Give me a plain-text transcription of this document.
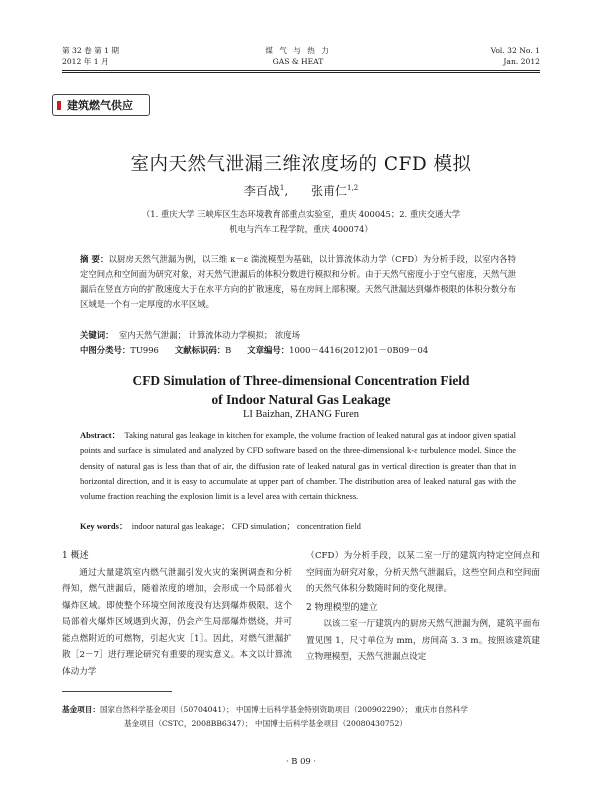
第 32 卷 第 1 期
2012 年 1 月
煤 气 与 热 力
GAS & HEAT
Vol. 32 No. 1
Jan. 2012
建筑燃气供应
室内天然气泄漏三维浓度场的 CFD 模拟
李百战$^1$,      张甫仁$^{1,2}$
（1. 重庆大学 三峡库区生态环境教育部重点实验室，重庆 400045；2. 重庆交通大学
机电与汽车工程学院，重庆 400074）
摘 要：以厨房天然气泄漏为例，以三维 κ－ε 湍流模型为基础，以计算流体动力学（CFD）为分析手段，以室内各特定空间点和空间面为研究对象，对天然气泄漏后的体积分数进行模拟和分析。由于天然气密度小于空气密度，天然气泄漏后在竖直方向的扩散速度大于在水平方向的扩散速度，易在房间上部积聚。天然气泄漏达到爆炸极限的体积分数分布区域是一个有一定厚度的水平区域。
关键词： 室内天然气泄漏； 计算流体动力学模拟； 浓度场
中图分类号：TU996 文献标识码：B 文章编号：1000－4416(2012)01－0B09－04
CFD Simulation of Three-dimensional Concentration Field
of Indoor Natural Gas Leakage
LI Baizhan, ZHANG Furen
Abstract： Taking natural gas leakage in kitchen for example, the volume fraction of leaked natural gas at indoor given spatial points and surface is simulated and analyzed by CFD software based on the three-dimensional k-ε turbulence model. Since the density of natural gas is less than that of air, the diffusion rate of leaked natural gas in vertical direction is greater than that in horizontal direction, and it is easy to accumulate at upper part of chamber. The distribution area of leaked natural gas with the volume fraction reaching the explosion limit is a level area with certain thickness.
Key words： indoor natural gas leakage； CFD simulation； concentration field
1 概述
通过大量建筑室内燃气泄漏引发火灾的案例调查和分析得知，燃气泄漏后，随着浓度的增加，会形成一个局部着火爆炸区域。即使整个环境空间浓度没有达到爆炸极限，这个局部着火爆炸区域遇到火源，仍会产生局部爆炸燃烧，并可能点燃附近的可燃物，引起火灾［1］。因此，对燃气泄漏扩散［2－7］进行理论研究有重要的现实意义。本文以计算流体动力学
（CFD）为分析手段，以某二室一厅的建筑内特定空间点和空间面为研究对象，分析天然气泄漏后，这些空间点和空间面的天然气体积分数随时间的变化规律。
2 物理模型的建立
以该二室一厅建筑内的厨房天然气泄漏为例，建筑平面布置见图 1，尺寸单位为 mm，房间高 3. 3 m。按照该建筑建立物理模型，天然气泄漏点设定
基金项目：国家自然科学基金项目（50704041）； 中国博士后科学基金特别资助项目（200902290）； 重庆市自然科学
基金项目（CSTC，2008BB6347）； 中国博士后科学基金项目（20080430752）
· B 09 ·
